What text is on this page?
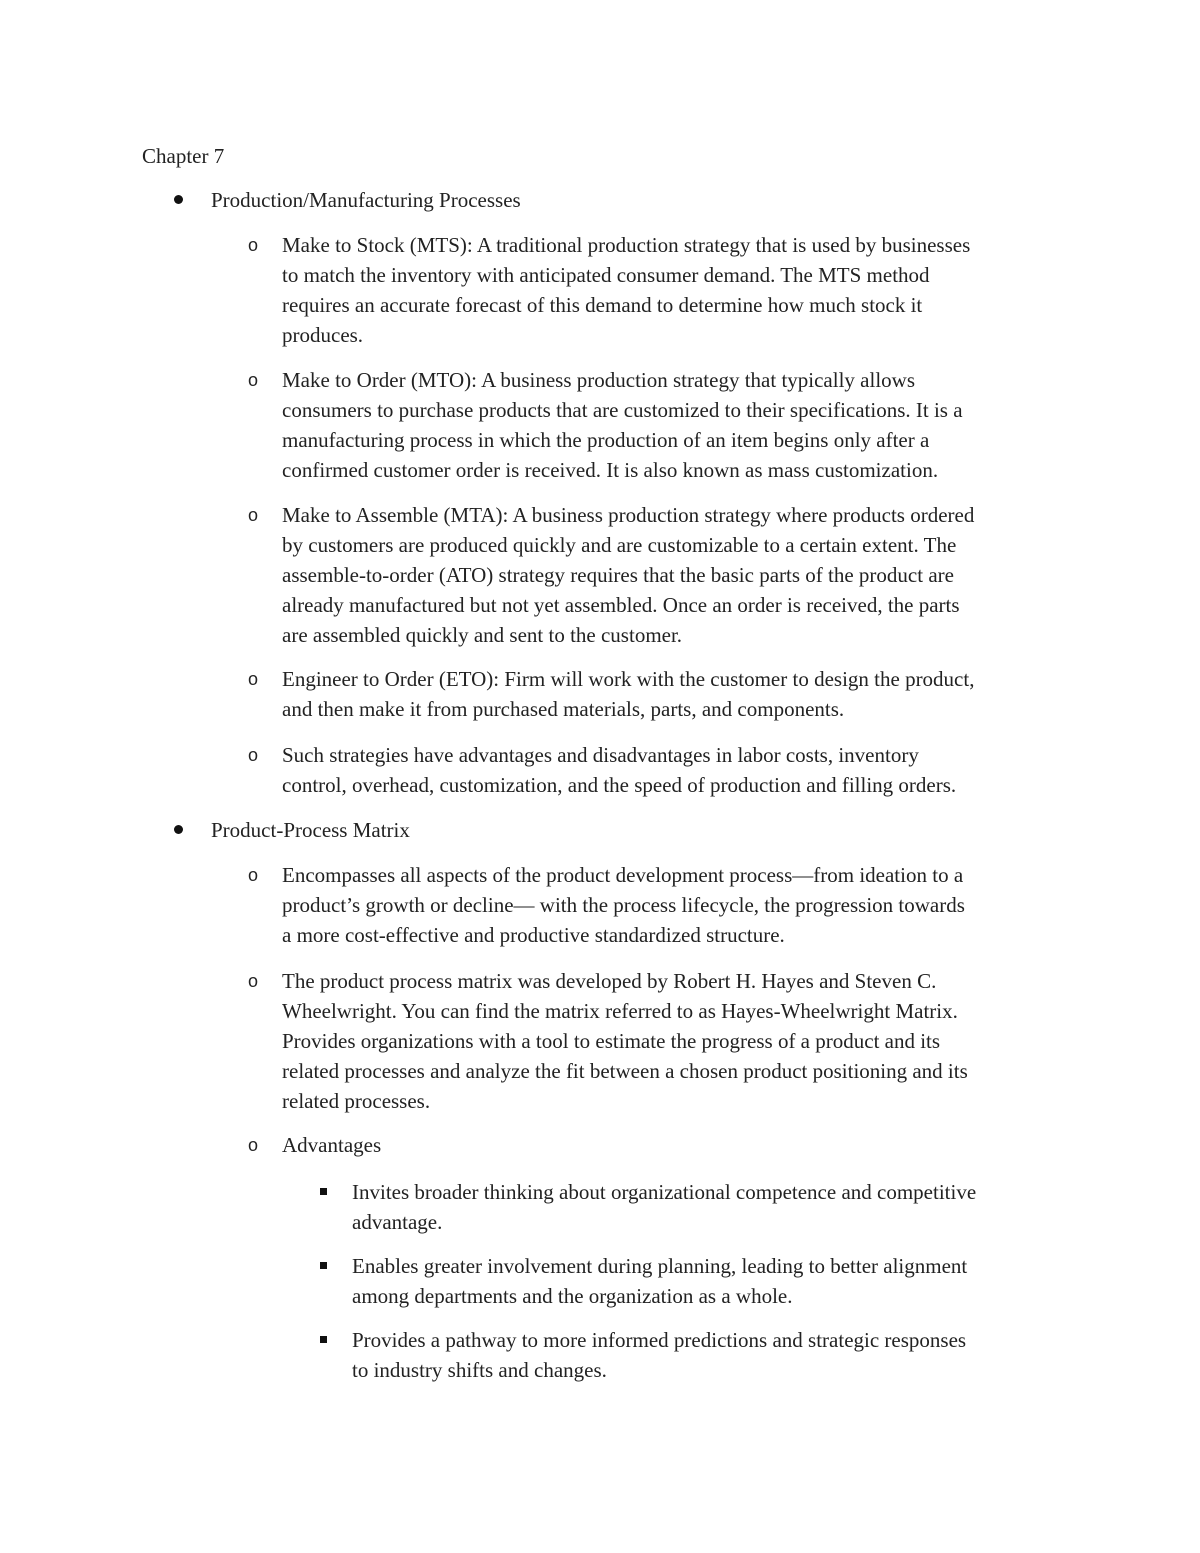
Chapter 7
Production/Manufacturing Processes
o Make to Stock (MTS): A traditional production strategy that is used by businesses
to match the inventory with anticipated consumer demand. The MTS method
requires an accurate forecast of this demand to determine how much stock it
produces.
o Make to Order (MTO): A business production strategy that typically allows
consumers to purchase products that are customized to their specifications. It is a
manufacturing process in which the production of an item begins only after a
confirmed customer order is received. It is also known as mass customization.
o Make to Assemble (MTA): A business production strategy where products ordered
by customers are produced quickly and are customizable to a certain extent. The
assemble-to-order (ATO) strategy requires that the basic parts of the product are
already manufactured but not yet assembled. Once an order is received, the parts
are assembled quickly and sent to the customer.
o Engineer to Order (ETO): Firm will work with the customer to design the product,
and then make it from purchased materials, parts, and components.
o Such strategies have advantages and disadvantages in labor costs, inventory
control, overhead, customization, and the speed of production and filling orders.
Product-Process Matrix
o Encompasses all aspects of the product development process—from ideation to a
product’s growth or decline— with the process lifecycle, the progression towards
a more cost-effective and productive standardized structure.
o The product process matrix was developed by Robert H. Hayes and Steven C.
Wheelwright. You can find the matrix referred to as Hayes-Wheelwright Matrix.
Provides organizations with a tool to estimate the progress of a product and its
related processes and analyze the fit between a chosen product positioning and its
related processes.
o Advantages
Invites broader thinking about organizational competence and competitive
advantage.
Enables greater involvement during planning, leading to better alignment
among departments and the organization as a whole.
Provides a pathway to more informed predictions and strategic responses
to industry shifts and changes.
